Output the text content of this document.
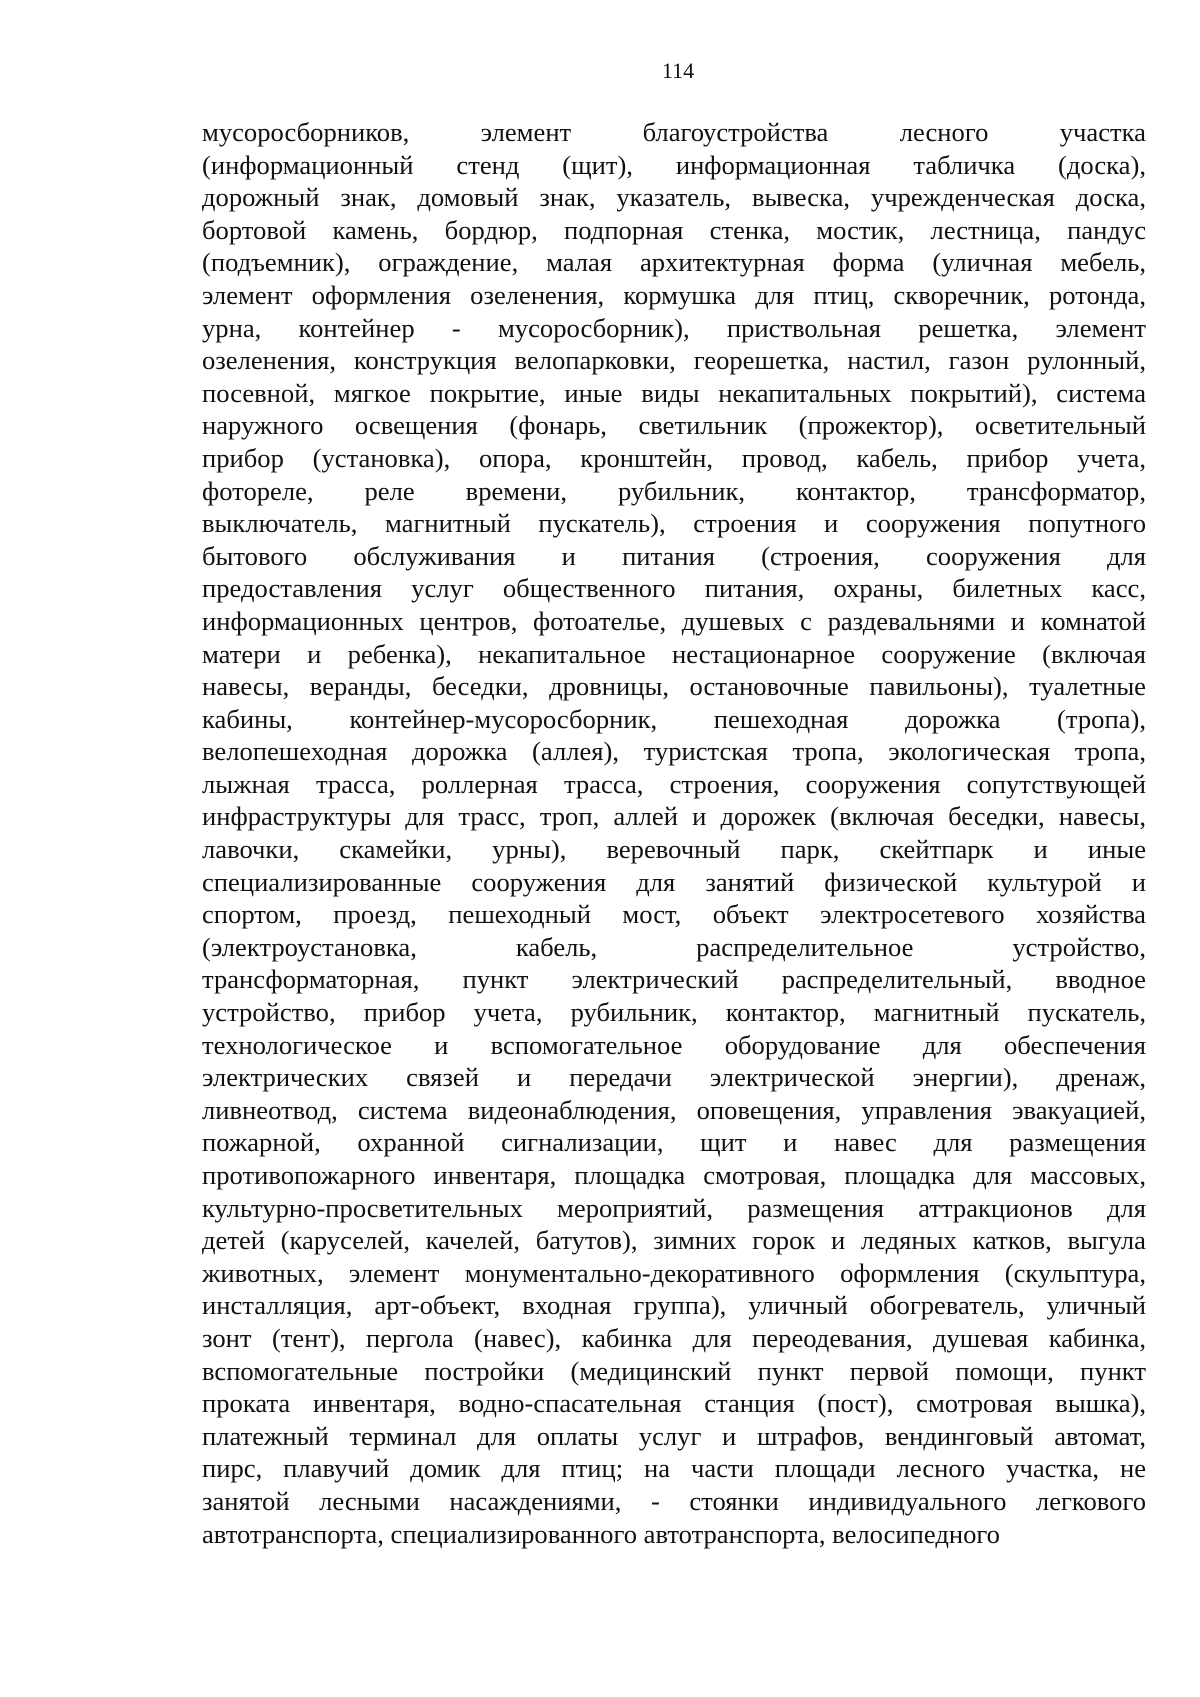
114
мусоросборников, элемент благоустройства лесного участка
(информационный стенд (щит), информационная табличка (доска),
дорожный знак, домовый знак, указатель, вывеска, учрежденческая доска,
бортовой камень, бордюр, подпорная стенка, мостик, лестница, пандус
(подъемник), ограждение, малая архитектурная форма (уличная мебель,
элемент оформления озеленения, кормушка для птиц, скворечник, ротонда,
урна, контейнер - мусоросборник), приствольная решетка, элемент
озеленения, конструкция велопарковки, георешетка, настил, газон рулонный,
посевной, мягкое покрытие, иные виды некапитальных покрытий), система
наружного освещения (фонарь, светильник (прожектор), осветительный
прибор (установка), опора, кронштейн, провод, кабель, прибор учета,
фотореле, реле времени, рубильник, контактор, трансформатор,
выключатель, магнитный пускатель), строения и сооружения попутного
бытового обслуживания и питания (строения, сооружения для
предоставления услуг общественного питания, охраны, билетных касс,
информационных центров, фотоателье, душевых с раздевальнями и комнатой
матери и ребенка), некапитальное нестационарное сооружение (включая
навесы, веранды, беседки, дровницы, остановочные павильоны), туалетные
кабины, контейнер-мусоросборник, пешеходная дорожка (тропа),
велопешеходная дорожка (аллея), туристская тропа, экологическая тропа,
лыжная трасса, роллерная трасса, строения, сооружения сопутствующей
инфраструктуры для трасс, троп, аллей и дорожек (включая беседки, навесы,
лавочки, скамейки, урны), веревочный парк, скейтпарк и иные
специализированные сооружения для занятий физической культурой и
спортом, проезд, пешеходный мост, объект электросетевого хозяйства
(электроустановка, кабель, распределительное устройство,
трансформаторная, пункт электрический распределительный, вводное
устройство, прибор учета, рубильник, контактор, магнитный пускатель,
технологическое и вспомогательное оборудование для обеспечения
электрических связей и передачи электрической энергии), дренаж,
ливнеотвод, система видеонаблюдения, оповещения, управления эвакуацией,
пожарной, охранной сигнализации, щит и навес для размещения
противопожарного инвентаря, площадка смотровая, площадка для массовых,
культурно-просветительных мероприятий, размещения аттракционов для
детей (каруселей, качелей, батутов), зимних горок и ледяных катков, выгула
животных, элемент монументально-декоративного оформления (скульптура,
инсталляция, арт-объект, входная группа), уличный обогреватель, уличный
зонт (тент), пергола (навес), кабинка для переодевания, душевая кабинка,
вспомогательные постройки (медицинский пункт первой помощи, пункт
проката инвентаря, водно-спасательная станция (пост), смотровая вышка),
платежный терминал для оплаты услуг и штрафов, вендинговый автомат,
пирс, плавучий домик для птиц; на части площади лесного участка, не
занятой лесными насаждениями, - стоянки индивидуального легкового
автотранспорта, специализированного автотранспорта, велосипедного
